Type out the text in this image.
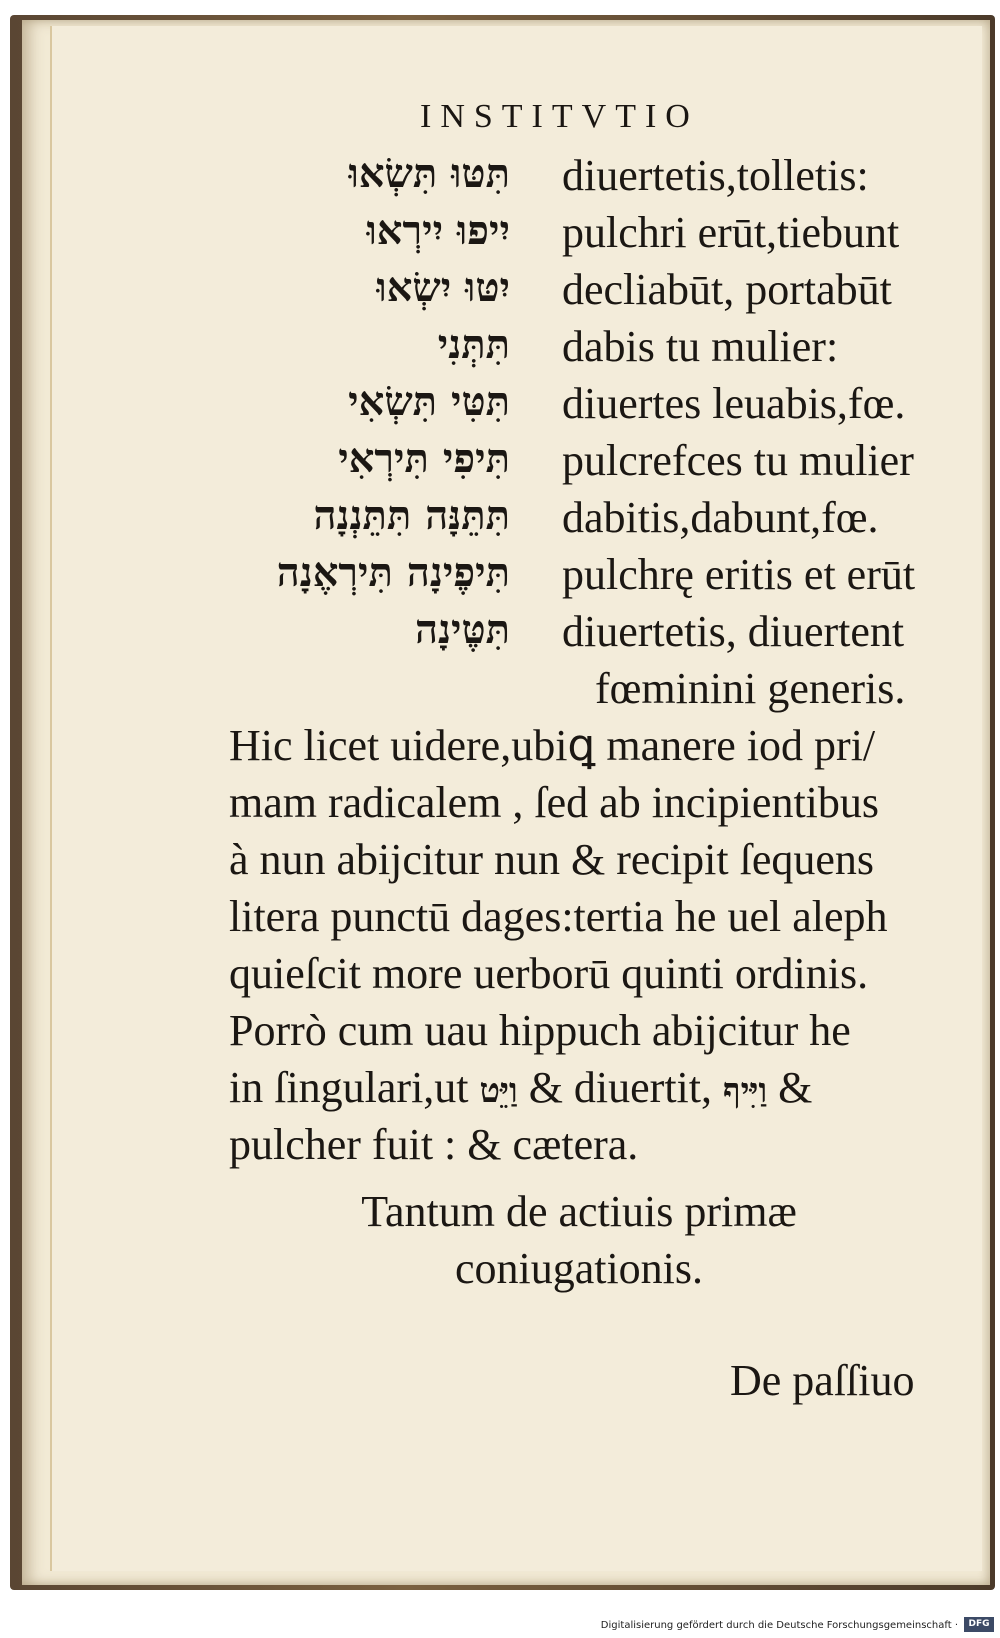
INSTITVTIO
תִּטּוּ תִּשְׂאוּ diuertetis,tolletis:
יִיפוּ יִירְאוּ pulchri erūt,tiebunt
יִטּוּ יִשְׂאוּ decliabūt, portabūt
תִּתְּנִי dabis tu mulier:
תִּטִּי תִּשְׂאִי diuertes leuabis,fœ.
תִּיפִי תִּירְאִי pulcrefces tu mulier
תִּתֵּנָּה תִּתֵּנְנָה dabitis,dabunt,fœ.
תִּיפֶינָה תִּירְאֶנָה pulchrę eritis et erūt
תִּטֶּינָה diuertetis, diuertent
fœminini generis.
Hic licet uidere,ubiꝗ manere iod pri/
mam radicalem , ſed ab incipientibus
à nun abĳcitur nun & recipit ſequens
litera punctū dages:tertia he uel aleph
quieſcit more uerborū quinti ordinis.
Porrò cum uau hippuch abĳcitur he
in ſingulari,ut וַיֵּט & diuertit, וַיִּיף &
pulcher fuit : & cætera.
Tantum de actiuis primæ
coniugationis.
De paſſiuo
Digitalisierung gefördert durch die Deutsche Forschungsgemeinschaft ·	DFG
